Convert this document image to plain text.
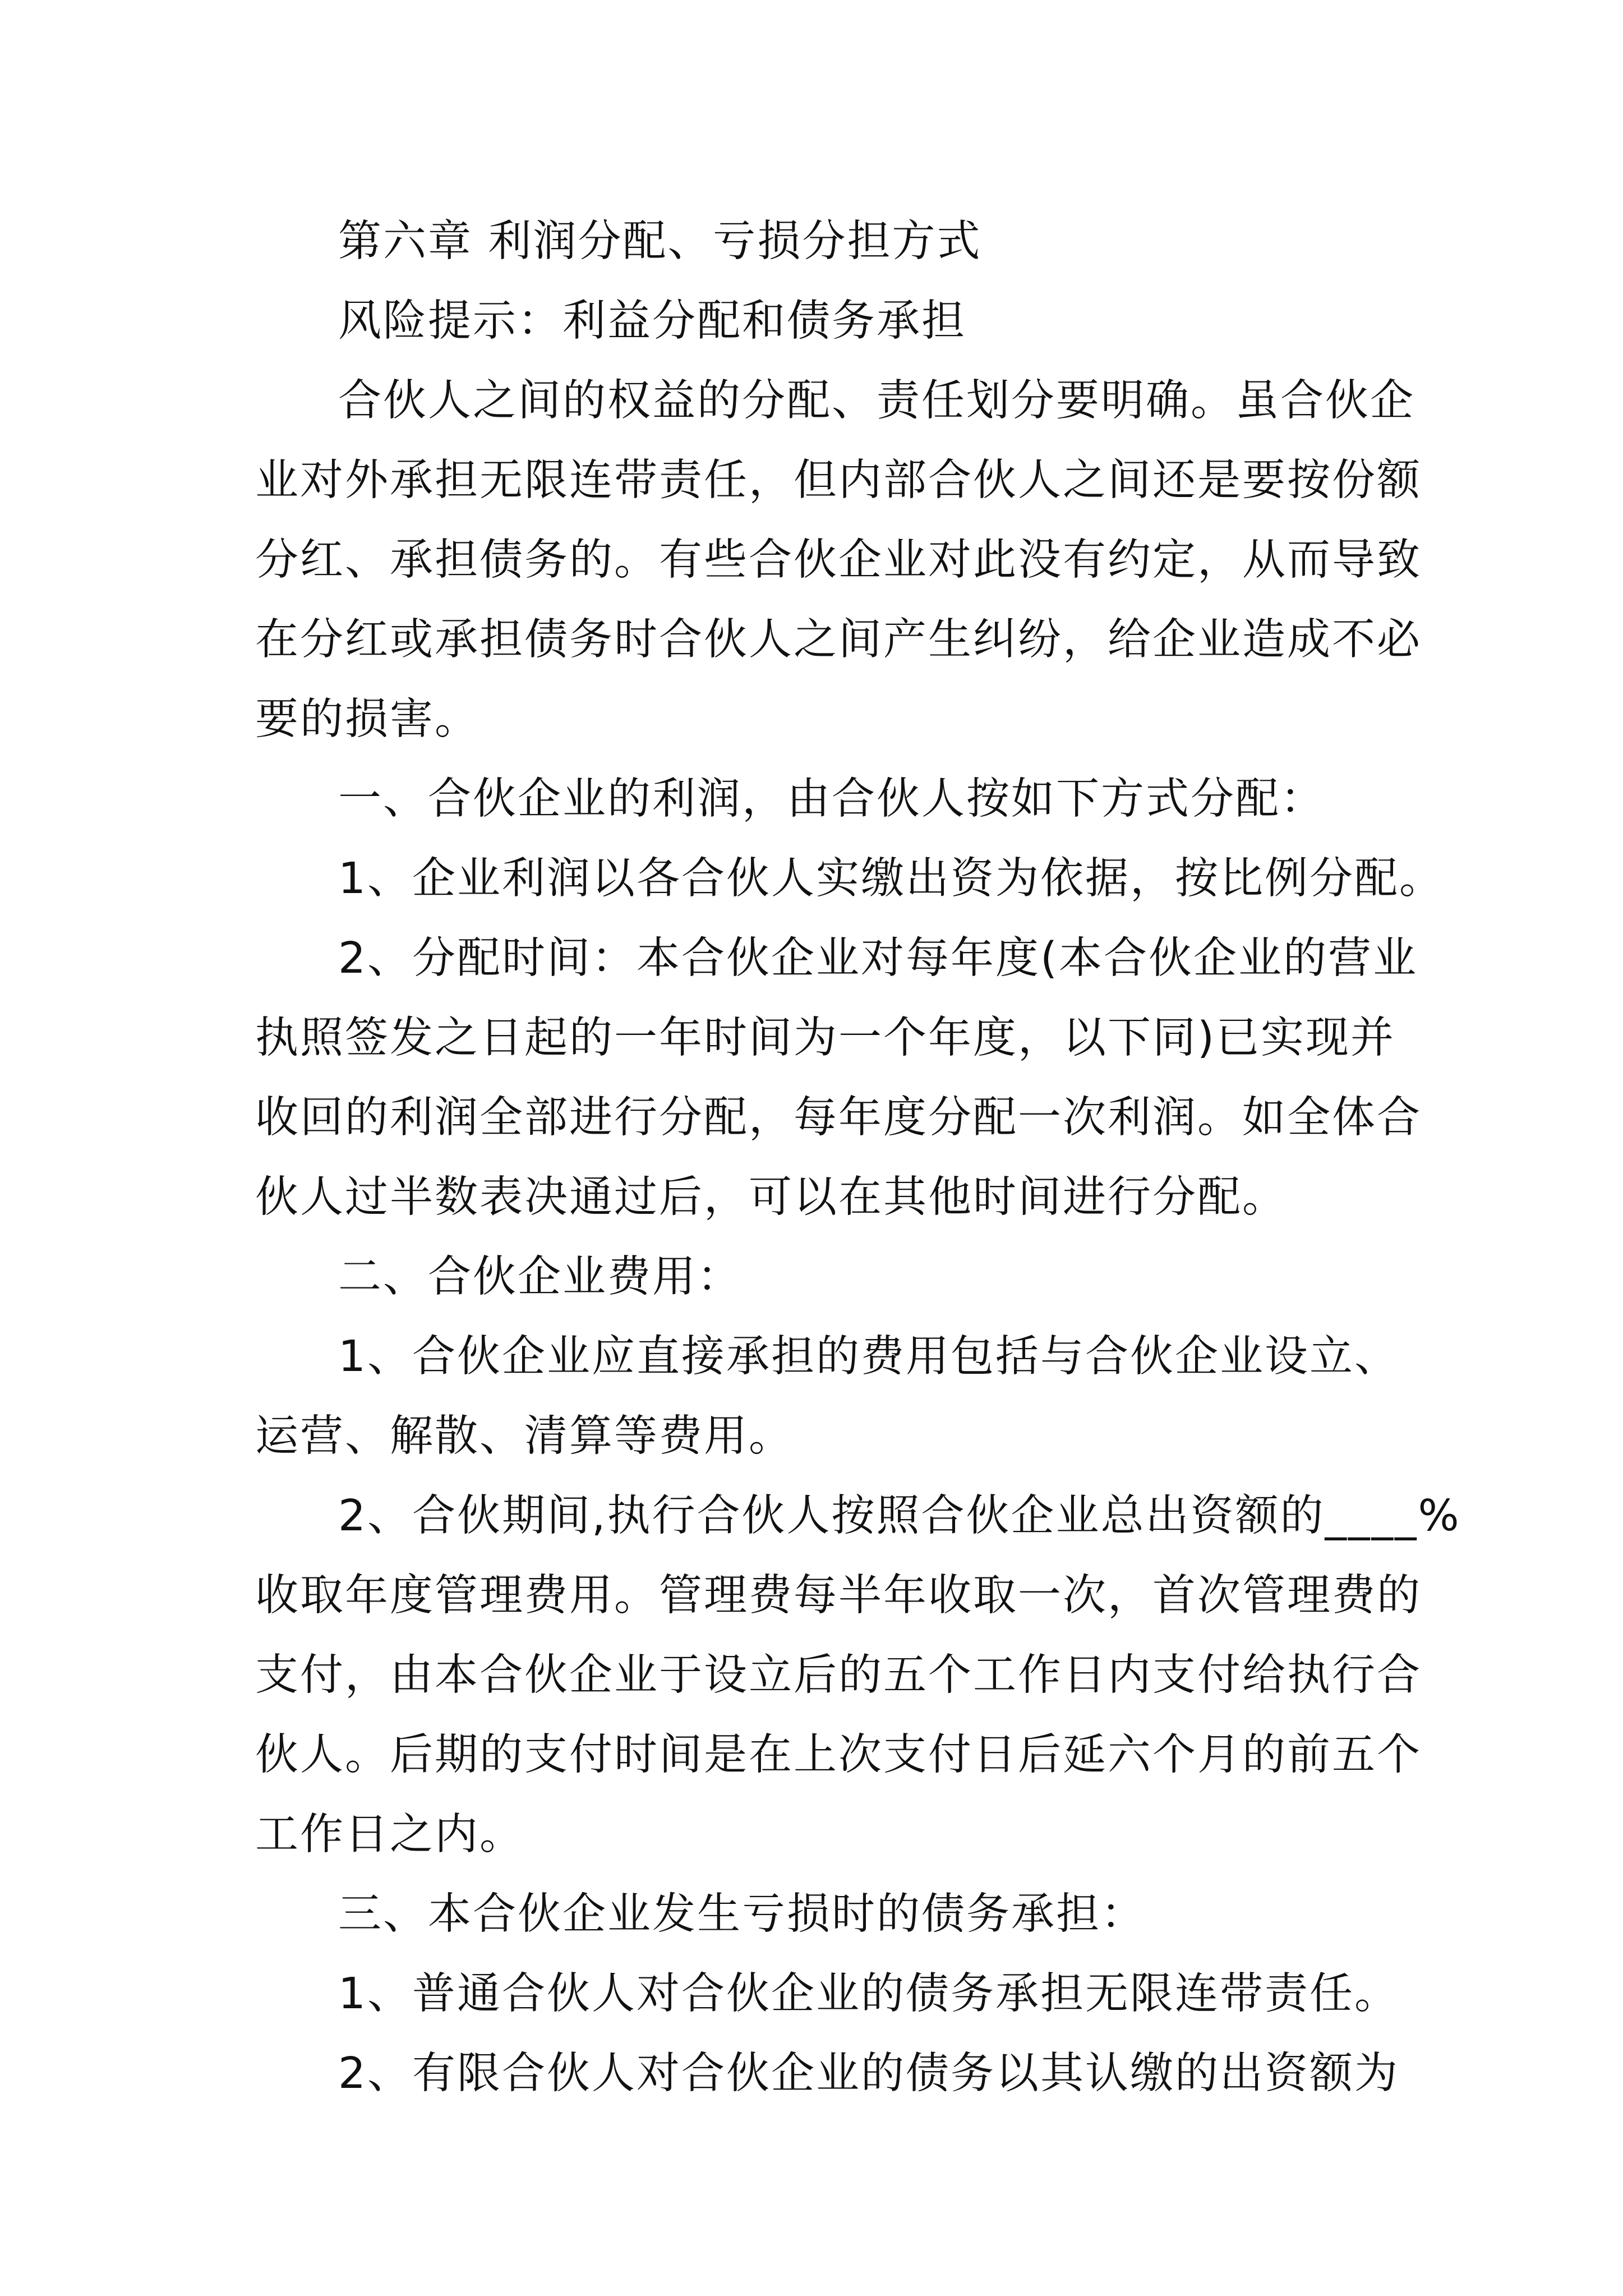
第六章 利润分配、亏损分担方式
风险提示：利益分配和债务承担
合伙人之间的权益的分配、责任划分要明确。虽合伙企
业对外承担无限连带责任，但内部合伙人之间还是要按份额
分红、承担债务的。有些合伙企业对此没有约定，从而导致
在分红或承担债务时合伙人之间产生纠纷，给企业造成不必
要的损害。
一、合伙企业的利润，由合伙人按如下方式分配：
1、企业利润以各合伙人实缴出资为依据，按比例分配。
2、分配时间：本合伙企业对每年度(本合伙企业的营业
执照签发之日起的一年时间为一个年度，以下同)已实现并
收回的利润全部进行分配，每年度分配一次利润。如全体合
伙人过半数表决通过后，可以在其他时间进行分配。
二、合伙企业费用：
1、合伙企业应直接承担的费用包括与合伙企业设立、
运营、解散、清算等费用。
2、合伙期间,执行合伙人按照合伙企业总出资额的____%
收取年度管理费用。管理费每半年收取一次，首次管理费的
支付，由本合伙企业于设立后的五个工作日内支付给执行合
伙人。后期的支付时间是在上次支付日后延六个月的前五个
工作日之内。
三、本合伙企业发生亏损时的债务承担：
1、普通合伙人对合伙企业的债务承担无限连带责任。
2、有限合伙人对合伙企业的债务以其认缴的出资额为
